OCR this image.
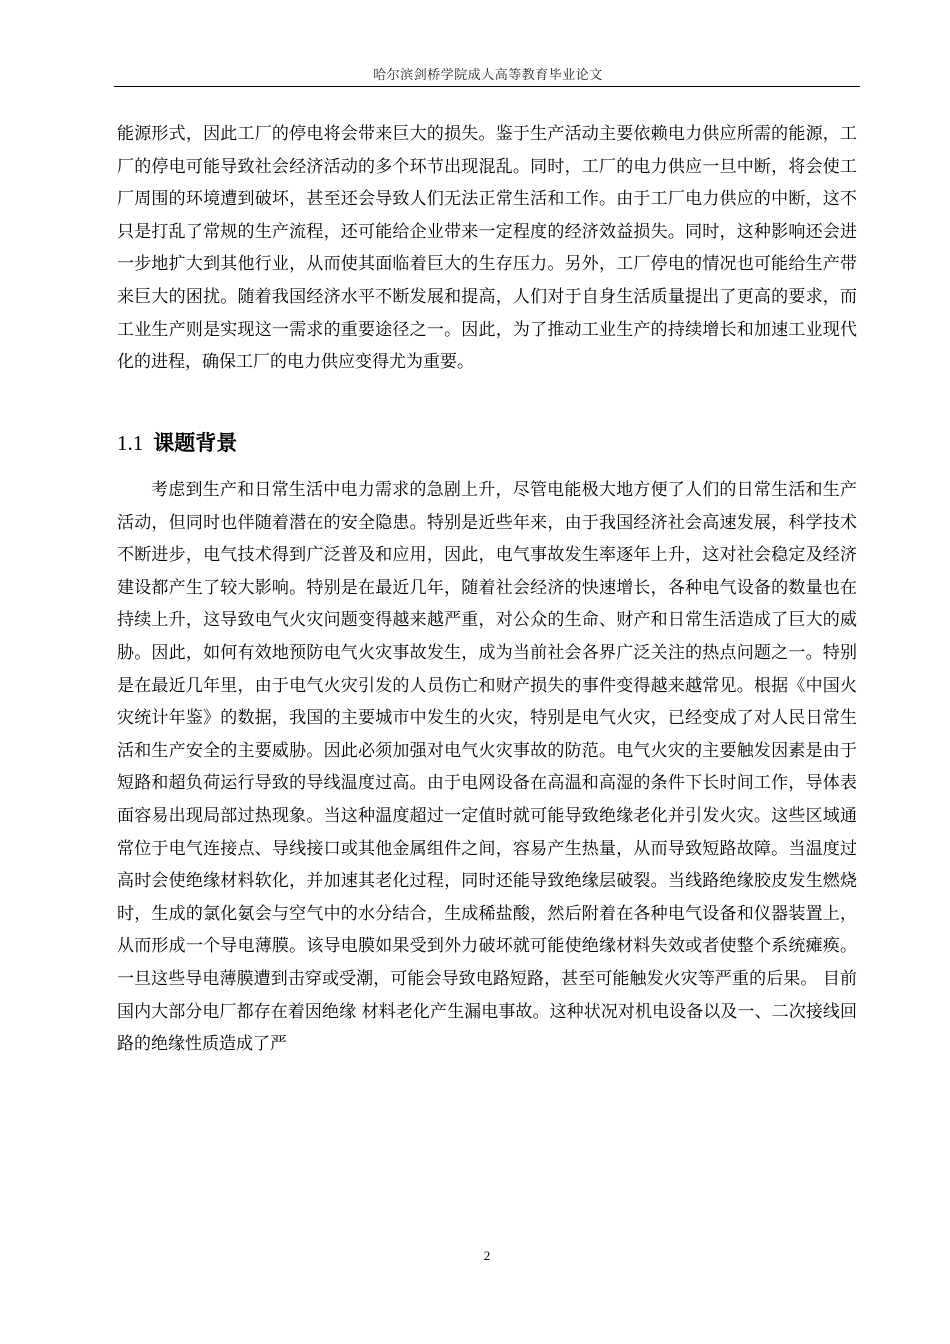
哈尔滨剑桥学院成人高等教育毕业论文

能源形式，因此工厂的停电将会带来巨大的损失。鉴于生产活动主要依赖电力供应所需的能源，工厂的停电可能导致社会经济活动的多个环节出现混乱。同时，工厂的电力供应一旦中断，将会使工厂周围的环境遭到破坏，甚至还会导致人们无法正常生活和工作。由于工厂电力供应的中断，这不只是打乱了常规的生产流程，还可能给企业带来一定程度的经济效益损失。同时，这种影响还会进一步地扩大到其他行业，从而使其面临着巨大的生存压力。另外，工厂停电的情况也可能给生产带来巨大的困扰。随着我国经济水平不断发展和提高，人们对于自身生活质量提出了更高的要求，而工业生产则是实现这一需求的重要途径之一。因此，为了推动工业生产的持续增长和加速工业现代化的进程，确保工厂的电力供应变得尤为重要。

1.1 课题背景

考虑到生产和日常生活中电力需求的急剧上升，尽管电能极大地方便了人们的日常生活和生产活动，但同时也伴随着潜在的安全隐患。特别是近些年来，由于我国经济社会高速发展，科学技术不断进步，电气技术得到广泛普及和应用，因此，电气事故发生率逐年上升，这对社会稳定及经济建设都产生了较大影响。特别是在最近几年，随着社会经济的快速增长，各种电气设备的数量也在持续上升，这导致电气火灾问题变得越来越严重，对公众的生命、财产和日常生活造成了巨大的威胁。因此，如何有效地预防电气火灾事故发生，成为当前社会各界广泛关注的热点问题之一。特别是在最近几年里，由于电气火灾引发的人员伤亡和财产损失的事件变得越来越常见。根据《中国火灾统计年鉴》的数据，我国的主要城市中发生的火灾，特别是电气火灾，已经变成了对人民日常生活和生产安全的主要威胁。因此必须加强对电气火灾事故的防范。电气火灾的主要触发因素是由于短路和超负荷运行导致的导线温度过高。由于电网设备在高温和高湿的条件下长时间工作，导体表面容易出现局部过热现象。当这种温度超过一定值时就可能导致绝缘老化并引发火灾。这些区域通常位于电气连接点、导线接口或其他金属组件之间，容易产生热量，从而导致短路故障。当温度过高时会使绝缘材料软化，并加速其老化过程，同时还能导致绝缘层破裂。当线路绝缘胶皮发生燃烧时，生成的氯化氨会与空气中的水分结合，生成稀盐酸，然后附着在各种电气设备和仪器装置上，从而形成一个导电薄膜。该导电膜如果受到外力破坏就可能使绝缘材料失效或者使整个系统瘫痪。一旦这些导电薄膜遭到击穿或受潮，可能会导致电路短路，甚至可能触发火灾等严重的后果。 目前国内大部分电厂都存在着因绝缘 材料老化产生漏电事故。这种状况对机电设备以及一、二次接线回路的绝缘性质造成了严

2
